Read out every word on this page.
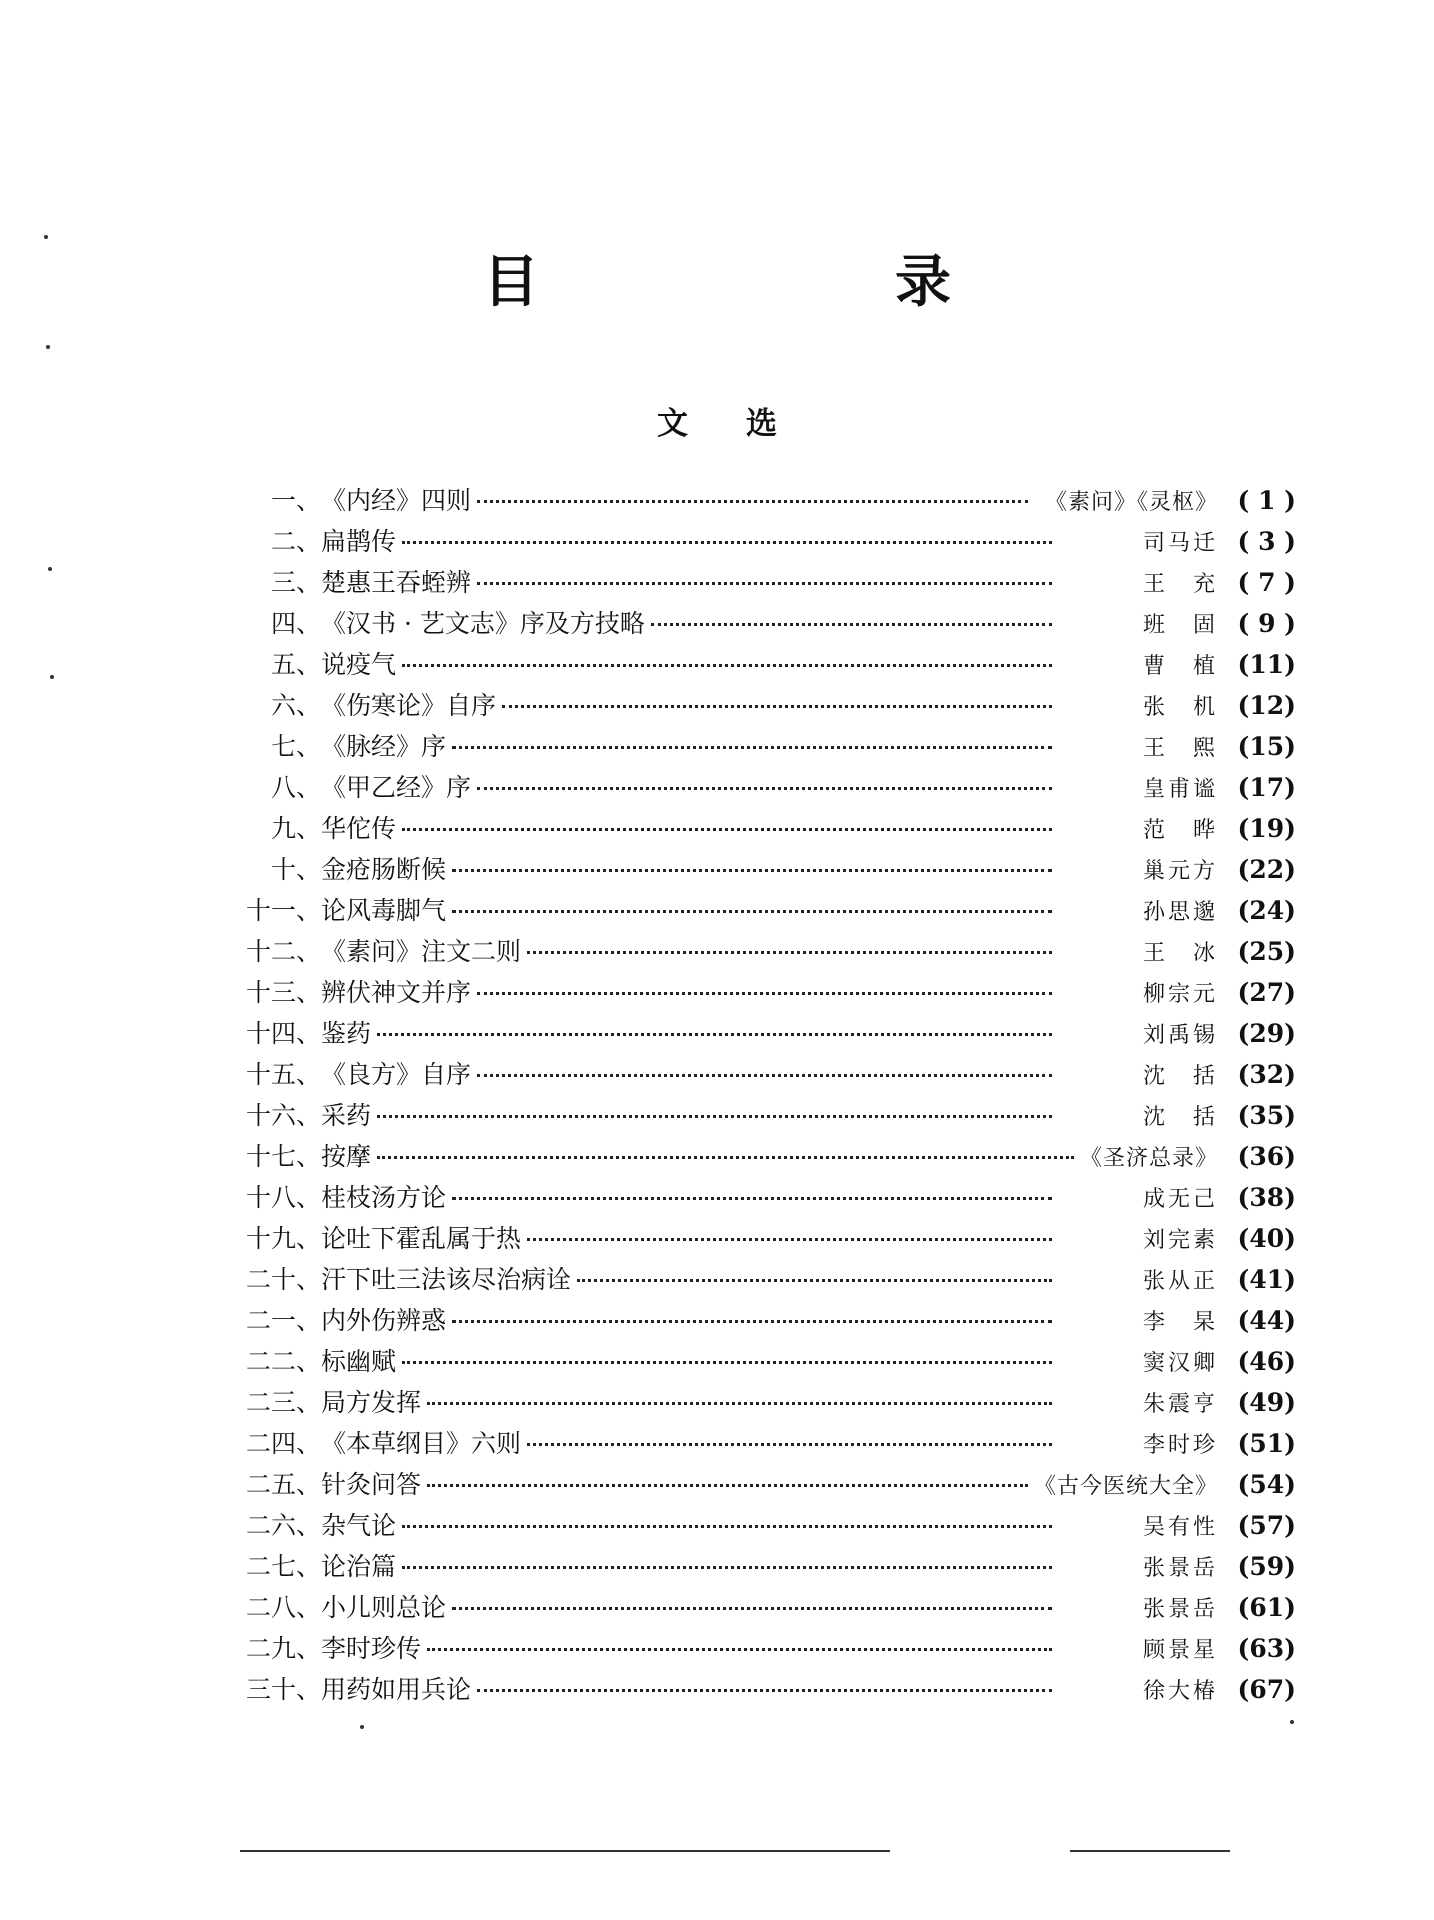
目　录
文选
一、 《内经》四则	《素问》《灵枢》 ( 1 )
二、 扁鹊传	司马迁 ( 3 )
三、 楚惠王吞蛭辨	王　充 ( 7 )
四、 《汉书 · 艺文志》序及方技略	班　固 ( 9 )
五、 说疫气	曹　植 (11)
六、 《伤寒论》自序	张　机 (12)
七、 《脉经》序	王　熙 (15)
八、 《甲乙经》序	皇甫谧 (17)
九、 华佗传	范　晔 (19)
十、 金疮肠断候	巢元方 (22)
十一、 论风毒脚气	孙思邈 (24)
十二、 《素问》注文二则	王　冰 (25)
十三、 辨伏神文并序	柳宗元 (27)
十四、 鉴药	刘禹锡 (29)
十五、 《良方》自序	沈　括 (32)
十六、 采药	沈　括 (35)
十七、 按摩	《圣济总录》 (36)
十八、 桂枝汤方论	成无己 (38)
十九、 论吐下霍乱属于热	刘完素 (40)
二十、 汗下吐三法该尽治病诠	张从正 (41)
二一、 内外伤辨惑	李　杲 (44)
二二、 标幽赋	窦汉卿 (46)
二三、 局方发挥	朱震亨 (49)
二四、 《本草纲目》六则	李时珍 (51)
二五、 针灸问答	《古今医统大全》 (54)
二六、 杂气论	吴有性 (57)
二七、 论治篇	张景岳 (59)
二八、 小儿则总论	张景岳 (61)
二九、 李时珍传	顾景星 (63)
三十、 用药如用兵论	徐大椿 (67)
